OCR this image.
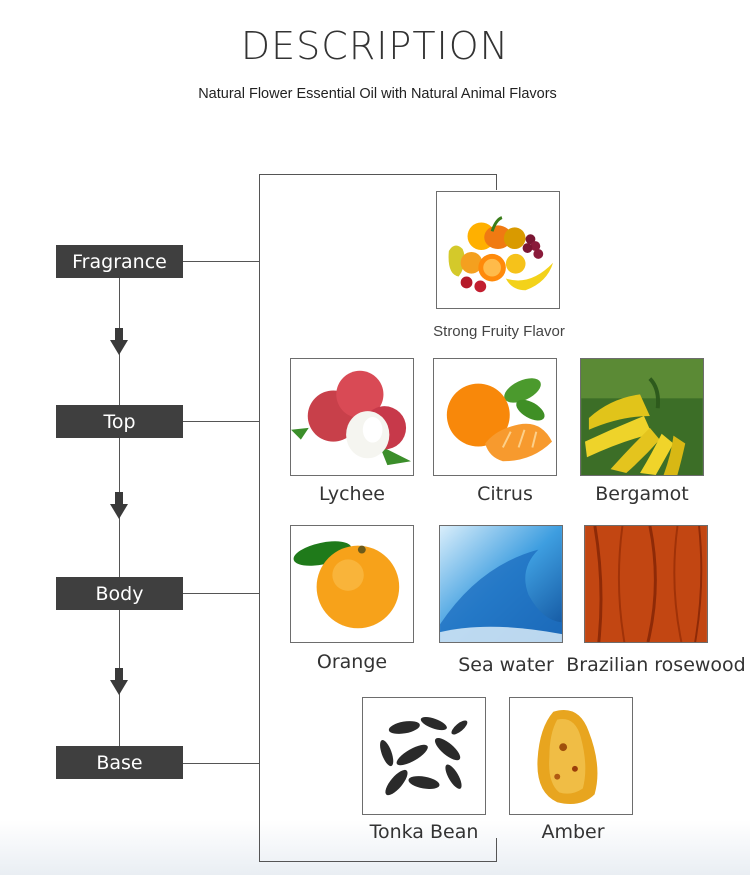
DESCRIPTION
Natural Flower Essential Oil with Natural Animal Flavors
Fragrance
Top
Body
Base
Strong Fruity Flavor
Lychee	Citrus	Bergamot
Orange	Sea water Brazilian rosewood
Tonka Bean	Amber
